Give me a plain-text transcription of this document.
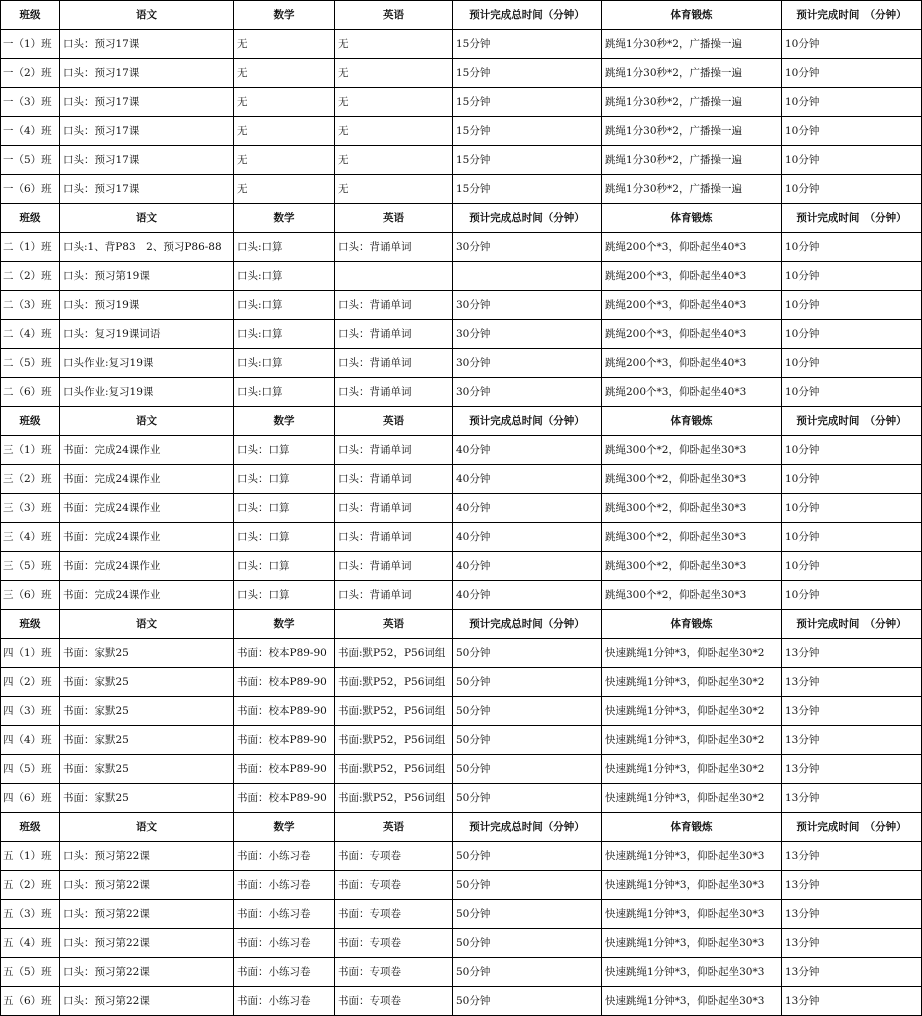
班级	语文	数学	英语	预计完成总时间（分钟）	体育锻炼	预计完成时间　（分钟）
一（1）班	口头：预习17课	无	无	15分钟	跳绳1分30秒*2，广播操一遍	10分钟
一（2）班	口头：预习17课	无	无	15分钟	跳绳1分30秒*2，广播操一遍	10分钟
一（3）班	口头：预习17课	无	无	15分钟	跳绳1分30秒*2，广播操一遍	10分钟
一（4）班	口头：预习17课	无	无	15分钟	跳绳1分30秒*2，广播操一遍	10分钟
一（5）班	口头：预习17课	无	无	15分钟	跳绳1分30秒*2，广播操一遍	10分钟
一（6）班	口头：预习17课	无	无	15分钟	跳绳1分30秒*2，广播操一遍	10分钟
班级	语文	数学	英语	预计完成总时间（分钟）	体育锻炼	预计完成时间　（分钟）
二（1）班	口头:1、背P83　2、预习P86-88	口头:口算	口头：背诵单词	30分钟	跳绳200个*3，仰卧起坐40*3	10分钟
二（2）班	口头：预习第19课	口头:口算			跳绳200个*3，仰卧起坐40*3	10分钟
二（3）班	口头：预习19课	口头:口算	口头：背诵单词	30分钟	跳绳200个*3，仰卧起坐40*3	10分钟
二（4）班	口头：复习19课词语	口头:口算	口头：背诵单词	30分钟	跳绳200个*3，仰卧起坐40*3	10分钟
二（5）班	口头作业:复习19课	口头:口算	口头：背诵单词	30分钟	跳绳200个*3，仰卧起坐40*3	10分钟
二（6）班	口头作业:复习19课	口头:口算	口头：背诵单词	30分钟	跳绳200个*3，仰卧起坐40*3	10分钟
班级	语文	数学	英语	预计完成总时间（分钟）	体育锻炼	预计完成时间　（分钟）
三（1）班	书面：完成24课作业	口头：口算	口头：背诵单词	40分钟	跳绳300个*2，仰卧起坐30*3	10分钟
三（2）班	书面：完成24课作业	口头：口算	口头：背诵单词	40分钟	跳绳300个*2，仰卧起坐30*3	10分钟
三（3）班	书面：完成24课作业	口头：口算	口头：背诵单词	40分钟	跳绳300个*2，仰卧起坐30*3	10分钟
三（4）班	书面：完成24课作业	口头：口算	口头：背诵单词	40分钟	跳绳300个*2，仰卧起坐30*3	10分钟
三（5）班	书面：完成24课作业	口头：口算	口头：背诵单词	40分钟	跳绳300个*2，仰卧起坐30*3	10分钟
三（6）班	书面：完成24课作业	口头：口算	口头：背诵单词	40分钟	跳绳300个*2，仰卧起坐30*3	10分钟
班级	语文	数学	英语	预计完成总时间（分钟）	体育锻炼	预计完成时间　（分钟）
四（1）班	书面：家默25	书面：校本P89-90	书面:默P52，P56词组	50分钟	快速跳绳1分钟*3，仰卧起坐30*2	13分钟
四（2）班	书面：家默25	书面：校本P89-90	书面:默P52，P56词组	50分钟	快速跳绳1分钟*3，仰卧起坐30*2	13分钟
四（3）班	书面：家默25	书面：校本P89-90	书面:默P52，P56词组	50分钟	快速跳绳1分钟*3，仰卧起坐30*2	13分钟
四（4）班	书面：家默25	书面：校本P89-90	书面:默P52，P56词组	50分钟	快速跳绳1分钟*3，仰卧起坐30*2	13分钟
四（5）班	书面：家默25	书面：校本P89-90	书面:默P52，P56词组	50分钟	快速跳绳1分钟*3，仰卧起坐30*2	13分钟
四（6）班	书面：家默25	书面：校本P89-90	书面:默P52，P56词组	50分钟	快速跳绳1分钟*3，仰卧起坐30*2	13分钟
班级	语文	数学	英语	预计完成总时间（分钟）	体育锻炼	预计完成时间　（分钟）
五（1）班	口头：预习第22课	书面：小练习卷	书面：专项卷	50分钟	快速跳绳1分钟*3，仰卧起坐30*3	13分钟
五（2）班	口头：预习第22课	书面：小练习卷	书面：专项卷	50分钟	快速跳绳1分钟*3，仰卧起坐30*3	13分钟
五（3）班	口头：预习第22课	书面：小练习卷	书面：专项卷	50分钟	快速跳绳1分钟*3，仰卧起坐30*3	13分钟
五（4）班	口头：预习第22课	书面：小练习卷	书面：专项卷	50分钟	快速跳绳1分钟*3，仰卧起坐30*3	13分钟
五（5）班	口头：预习第22课	书面：小练习卷	书面：专项卷	50分钟	快速跳绳1分钟*3，仰卧起坐30*3	13分钟
五（6）班	口头：预习第22课	书面：小练习卷	书面：专项卷	50分钟	快速跳绳1分钟*3，仰卧起坐30*3	13分钟
